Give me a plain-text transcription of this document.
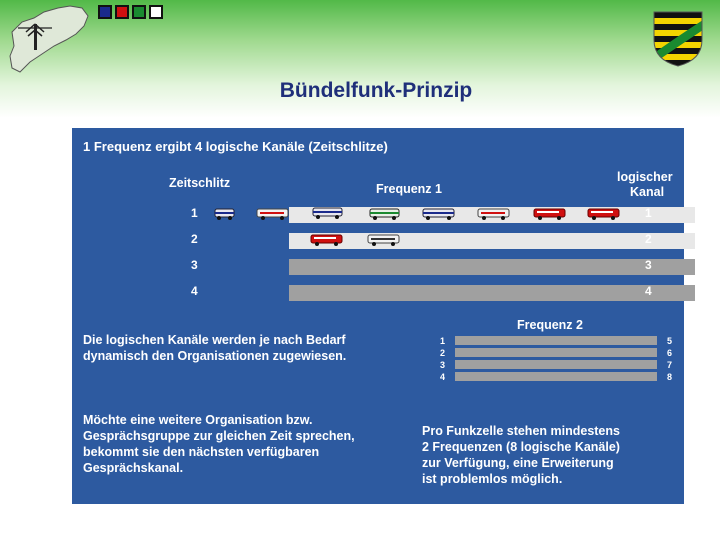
Bündelfunk-Prinzip
1 Frequenz ergibt 4 logische Kanäle (Zeitschlitze)
Zeitschlitz	Frequenz 1
logischer
Kanal
1
2
3
4
1
2
3
4
Die logischen Kanäle werden je nach Bedarf
dynamisch den Organisationen zugewiesen.
Frequenz 2
1
2
3
4
5
6
7
8
Möchte eine weitere Organisation bzw.
Gesprächsgruppe zur gleichen Zeit sprechen,
bekommt sie den nächsten verfügbaren
Gesprächskanal.
Pro Funkzelle stehen mindestens
2 Frequenzen (8 logische Kanäle)
zur Verfügung, eine Erweiterung
ist problemlos möglich.
